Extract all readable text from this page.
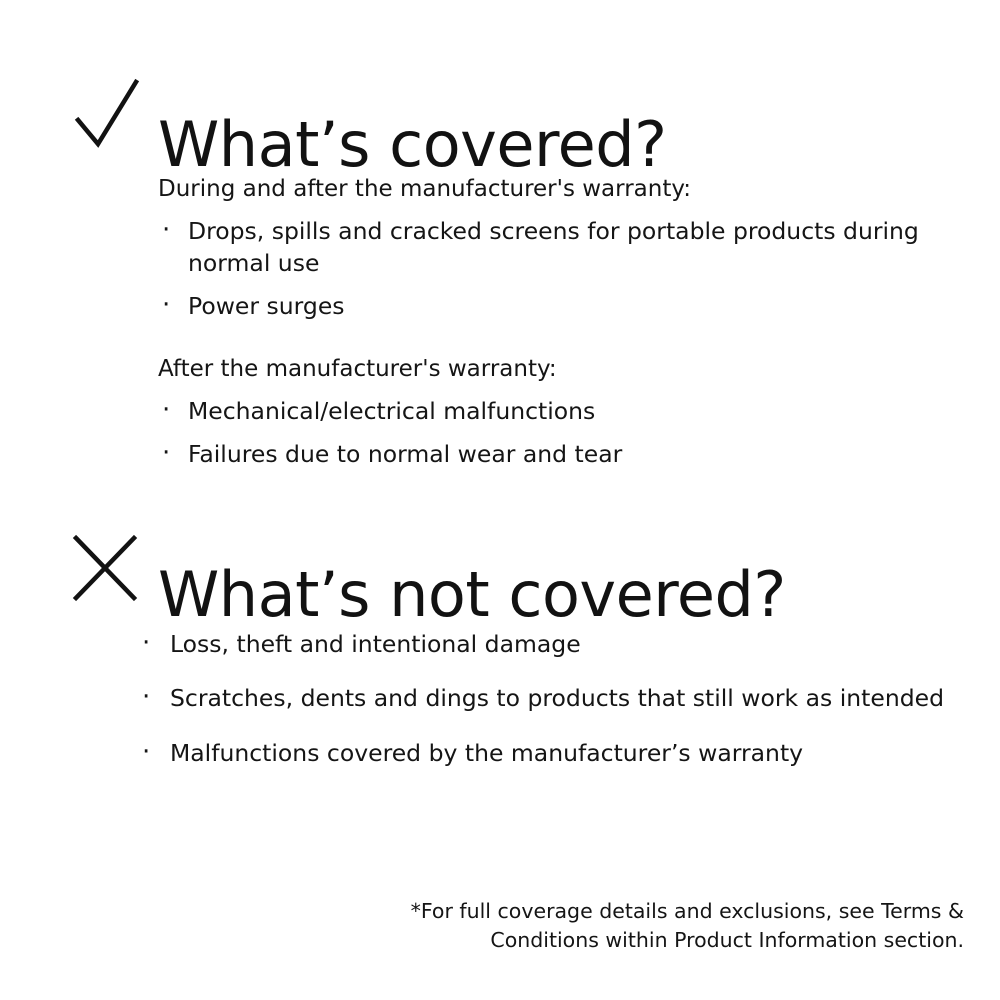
What’s covered?

During and after the manufacturer's warranty:

· Drops, spills and cracked screens for portable products during normal use
· Power surges

After the manufacturer's warranty:

· Mechanical/electrical malfunctions
· Failures due to normal wear and tear
What’s not covered?
· Loss, theft and intentional damage
· Scratches, dents and dings to products that still work as intended
· Malfunctions covered by the manufacturer’s warranty
*For full coverage details and exclusions, see Terms &
Conditions within Product Information section.
